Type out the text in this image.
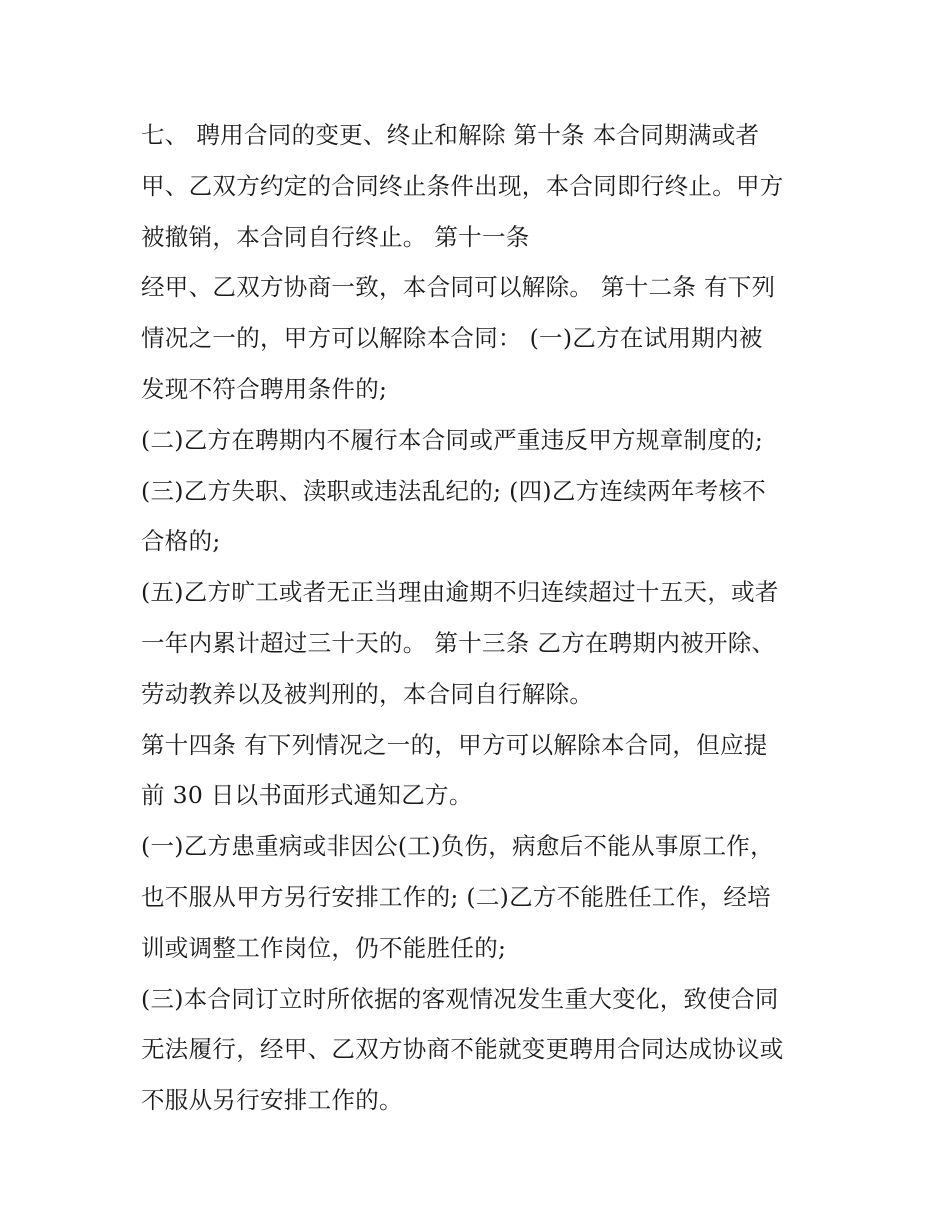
七、 聘用合同的变更、终止和解除 第十条 本合同期满或者
甲、乙双方约定的合同终止条件出现，本合同即行终止。甲方
被撤销，本合同自行终止。 第十一条
经甲、乙双方协商一致，本合同可以解除。 第十二条 有下列
情况之一的，甲方可以解除本合同： (一)乙方在试用期内被
发现不符合聘用条件的;
(二)乙方在聘期内不履行本合同或严重违反甲方规章制度的;
(三)乙方失职、渎职或违法乱纪的; (四)乙方连续两年考核不
合格的;
(五)乙方旷工或者无正当理由逾期不归连续超过十五天，或者
一年内累计超过三十天的。 第十三条 乙方在聘期内被开除、
劳动教养以及被判刑的，本合同自行解除。
第十四条 有下列情况之一的，甲方可以解除本合同，但应提
前 30 日以书面形式通知乙方。
(一)乙方患重病或非因公(工)负伤，病愈后不能从事原工作，
也不服从甲方另行安排工作的; (二)乙方不能胜任工作，经培
训或调整工作岗位，仍不能胜任的;
(三)本合同订立时所依据的客观情况发生重大变化，致使合同
无法履行，经甲、乙双方协商不能就变更聘用合同达成协议或
不服从另行安排工作的。
